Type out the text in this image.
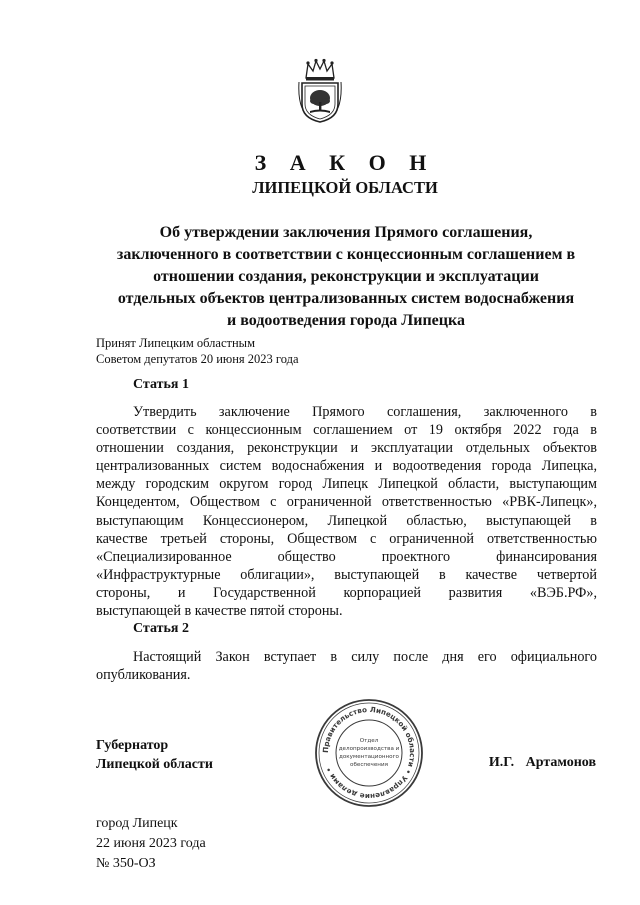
З А К О Н
ЛИПЕЦКОЙ ОБЛАСТИ
Об утверждении заключения Прямого соглашения,
заключенного в соответствии с концессионным соглашением в
отношении создания, реконструкции и эксплуатации
отдельных объектов централизованных систем водоснабжения
и водоотведения города Липецка
Принят Липецким областным
Советом депутатов 20 июня 2023 года
Статья 1
Утвердить заключение Прямого соглашения, заключенного в
соответствии с концессионным соглашением от 19 октября 2022 года в
отношении создания, реконструкции и эксплуатации отдельных объектов
централизованных систем водоснабжения и водоотведения города Липецка,
между городским округом город Липецк Липецкой области, выступающим
Концедентом, Обществом с ограниченной ответственностью «РВК-Липецк»,
выступающим Концессионером, Липецкой областью, выступающей в
качестве третьей стороны, Обществом с ограниченной ответственностью
«Специализированное общество проектного финансирования
«Инфраструктурные облигации», выступающей в качестве четвертой
стороны, и Государственной корпорацией развития «ВЭБ.РФ»,
выступающей в качестве пятой стороны.
Статья 2
Настоящий Закон вступает в силу после дня его официального
опубликования.
Губернатор
Липецкой области
Правительство Липецкой области • Управление делами •
Отдел
делопроизводства и
документационного
обеспечения	И.Г. Артамонов
город Липецк
22 июня 2023 года
№ 350-ОЗ
